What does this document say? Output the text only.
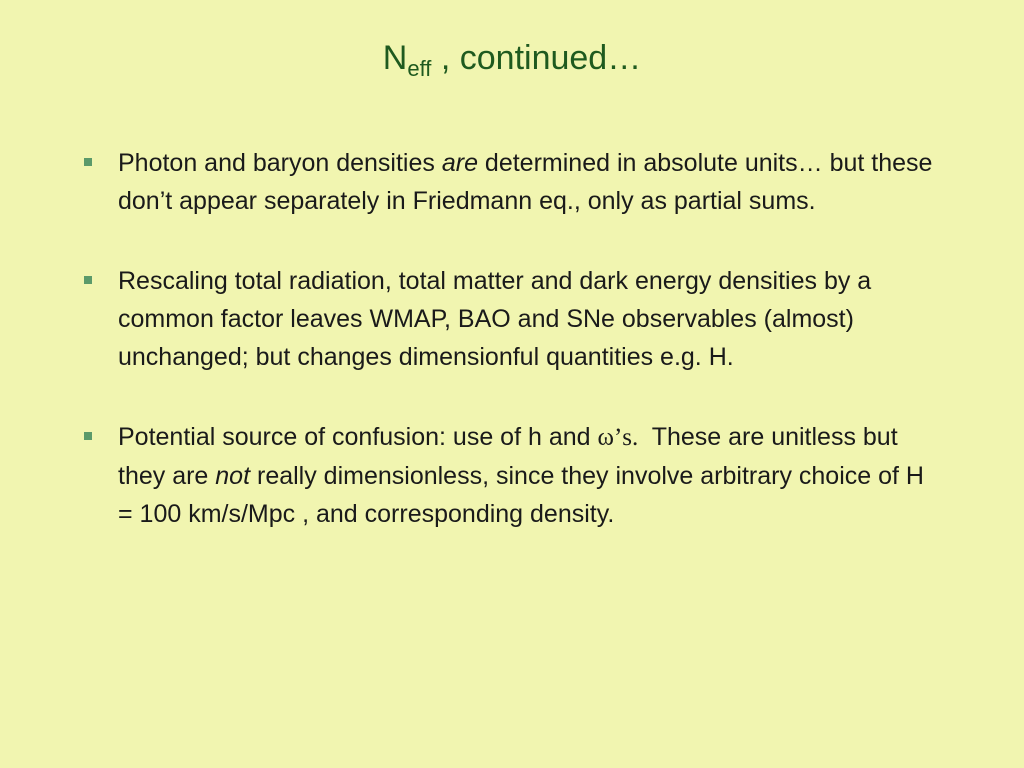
$N_{eff}$ , continued…
Photon and baryon densities are determined in absolute units… but these don’t appear separately in Friedmann eq., only as partial sums.
Rescaling total radiation, total matter and dark energy densities by a common factor leaves WMAP, BAO and SNe observables (almost) unchanged; but changes dimensionful quantities e.g. H.
Potential source of confusion: use of h and ω’s.  These are unitless but they are not really dimensionless, since they involve arbitrary choice of H = 100 km/s/Mpc , and corresponding density.
